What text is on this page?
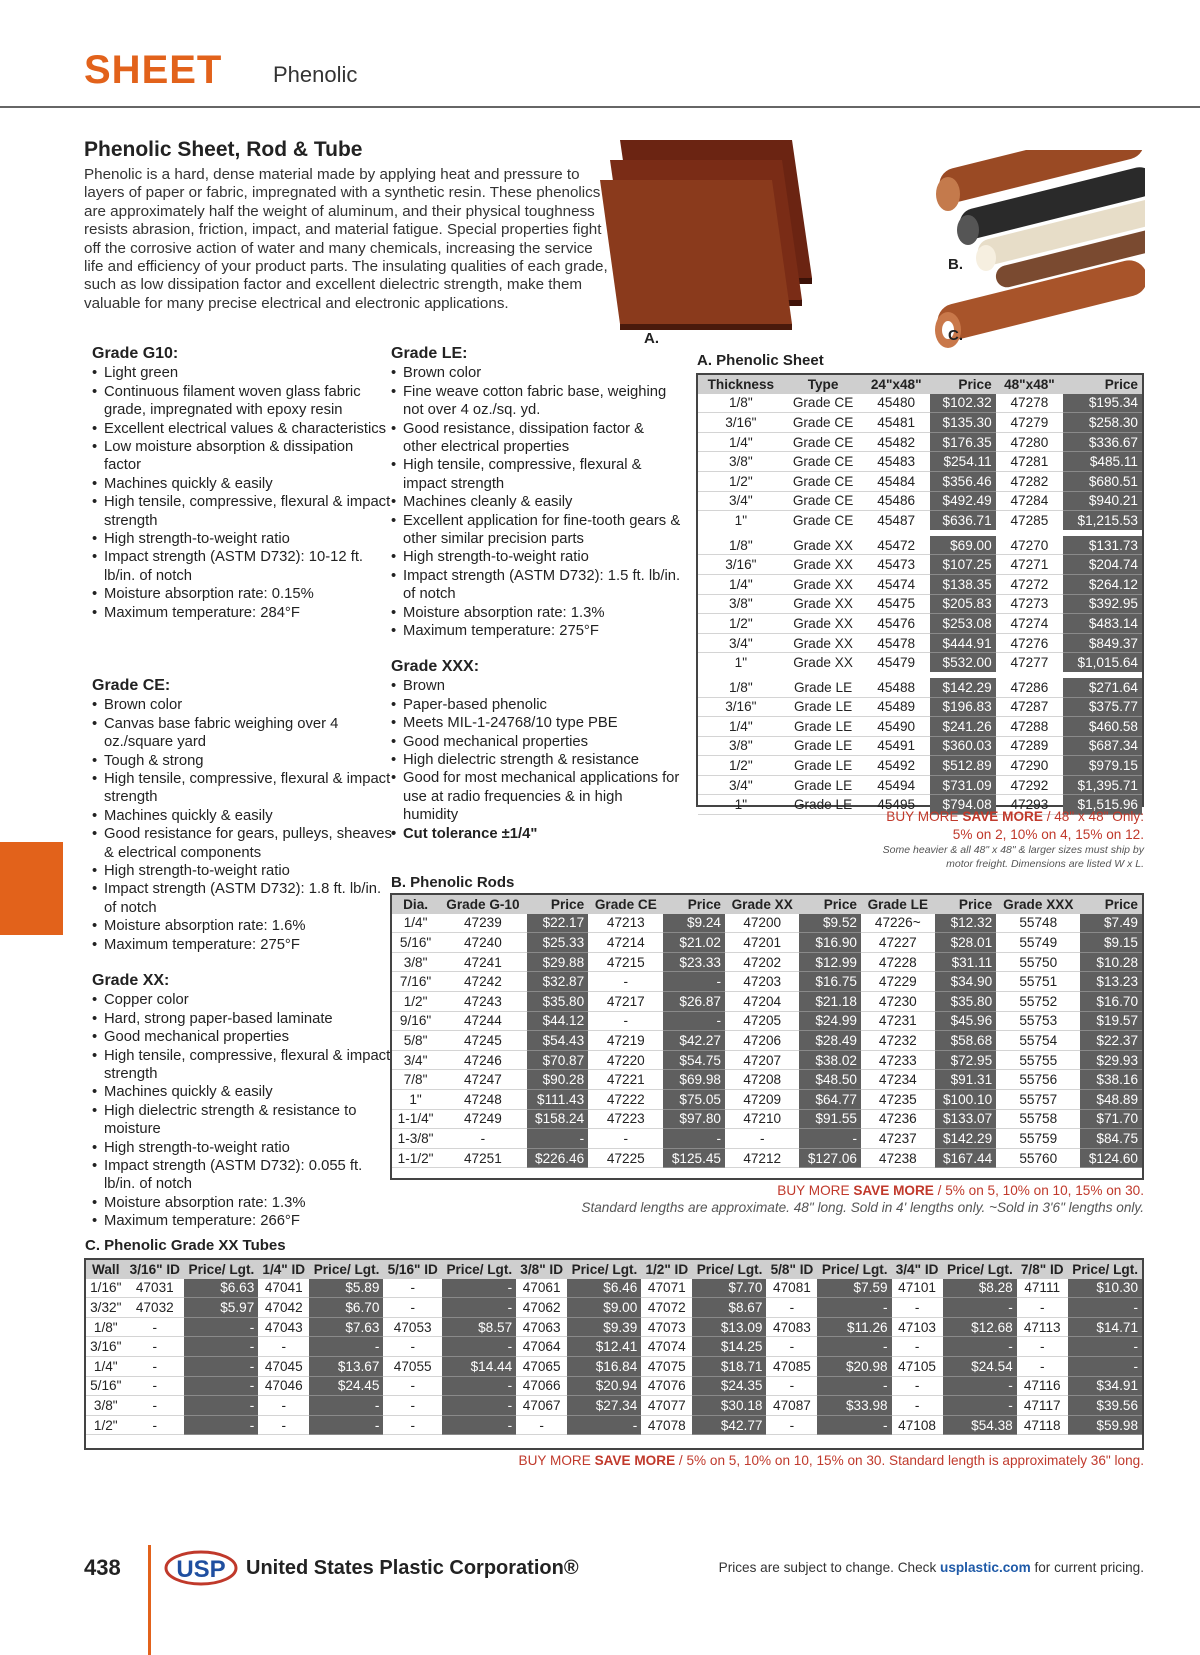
SHEET Phenolic
Phenolic Sheet, Rod & Tube
Phenolic is a hard, dense material made by applying heat and pressure to layers of paper or fabric, impregnated with a synthetic resin. These phenolics are approximately half the weight of aluminum, and their physical toughness resists abrasion, friction, impact, and material fatigue. Special properties fight off the corrosive action of water and many chemicals, increasing the service life and efficiency of your product parts. The insulating qualities of each grade, such as low dissipation factor and excellent dielectric strength, make them valuable for many precise electrical and electronic applications.
A.
B.
C.
Grade G10:
• Light green
• Continuous filament woven glass fabric grade, impregnated with epoxy resin
• Excellent electrical values & characteristics
• Low moisture absorption & dissipation factor
• Machines quickly & easily
• High tensile, compressive, flexural & impact strength
• High strength-to-weight ratio
• Impact strength (ASTM D732): 10-12 ft. lb/in. of notch
• Moisture absorption rate: 0.15%
• Maximum temperature: 284°F
Grade CE:
• Brown color
• Canvas base fabric weighing over 4 oz./square yard
• Tough & strong
• High tensile, compressive, flexural & impact strength
• Machines quickly & easily
• Good resistance for gears, pulleys, sheaves & electrical components
• High strength-to-weight ratio
• Impact strength (ASTM D732): 1.8 ft. lb/in. of notch
• Moisture absorption rate: 1.6%
• Maximum temperature: 275°F
Grade XX:
• Copper color
• Hard, strong paper-based laminate
• Good mechanical properties
• High tensile, compressive, flexural & impact strength
• Machines quickly & easily
• High dielectric strength & resistance to moisture
• High strength-to-weight ratio
• Impact strength (ASTM D732): 0.055 ft. lb/in. of notch
• Moisture absorption rate: 1.3%
• Maximum temperature: 266°F
Grade LE:
• Brown color
• Fine weave cotton fabric base, weighing not over 4 oz./sq. yd.
• Good resistance, dissipation factor & other electrical properties
• High tensile, compressive, flexural & impact strength
• Machines cleanly & easily
• Excellent application for fine-tooth gears & other similar precision parts
• High strength-to-weight ratio
• Impact strength (ASTM D732): 1.5 ft. lb/in. of notch
• Moisture absorption rate: 1.3%
• Maximum temperature: 275°F
Grade XXX:
• Brown
• Paper-based phenolic
• Meets MIL-1-24768/10 type PBE
• Good mechanical properties
• High dielectric strength & resistance
• Good for most mechanical applications for use at radio frequencies & in high humidity
• Cut tolerance ±1/4"
A. Phenolic Sheet
Thickness	Type	24"x48"	Price	48"x48"	Price
1/8"	Grade CE	45480	$102.32	47278	$195.34
3/16"	Grade CE	45481	$135.30	47279	$258.30
1/4"	Grade CE	45482	$176.35	47280	$336.67
3/8"	Grade CE	45483	$254.11	47281	$485.11
1/2"	Grade CE	45484	$356.46	47282	$680.51
3/4"	Grade CE	45486	$492.49	47284	$940.21
1"	Grade CE	45487	$636.71	47285	$1,215.53
1/8"	Grade XX	45472	$69.00	47270	$131.73
3/16"	Grade XX	45473	$107.25	47271	$204.74
1/4"	Grade XX	45474	$138.35	47272	$264.12
3/8"	Grade XX	45475	$205.83	47273	$392.95
1/2"	Grade XX	45476	$253.08	47274	$483.14
3/4"	Grade XX	45478	$444.91	47276	$849.37
1"	Grade XX	45479	$532.00	47277	$1,015.64
1/8"	Grade LE	45488	$142.29	47286	$271.64
3/16"	Grade LE	45489	$196.83	47287	$375.77
1/4"	Grade LE	45490	$241.26	47288	$460.58
3/8"	Grade LE	45491	$360.03	47289	$687.34
1/2"	Grade LE	45492	$512.89	47290	$979.15
3/4"	Grade LE	45494	$731.09	47292	$1,395.71
1"	Grade LE	45495	$794.08	47293	$1,515.96
BUY MORE SAVE MORE / 48" x 48" Only:
5% on 2, 10% on 4, 15% on 12.
Some heavier & all 48" x 48" & larger sizes must ship by motor freight. Dimensions are listed W x L.
B. Phenolic Rods
Dia.	Grade G-10	Price	Grade CE	Price	Grade XX	Price	Grade LE	Price	Grade XXX	Price
1/4"	47239	$22.17	47213	$9.24	47200	$9.52	47226~	$12.32	55748	$7.49
5/16"	47240	$25.33	47214	$21.02	47201	$16.90	47227	$28.01	55749	$9.15
3/8"	47241	$29.88	47215	$23.33	47202	$12.99	47228	$31.11	55750	$10.28
7/16"	47242	$32.87	-	-	47203	$16.75	47229	$34.90	55751	$13.23
1/2"	47243	$35.80	47217	$26.87	47204	$21.18	47230	$35.80	55752	$16.70
9/16"	47244	$44.12	-	-	47205	$24.99	47231	$45.96	55753	$19.57
5/8"	47245	$54.43	47219	$42.27	47206	$28.49	47232	$58.68	55754	$22.37
3/4"	47246	$70.87	47220	$54.75	47207	$38.02	47233	$72.95	55755	$29.93
7/8"	47247	$90.28	47221	$69.98	47208	$48.50	47234	$91.31	55756	$38.16
1"	47248	$111.43	47222	$75.05	47209	$64.77	47235	$100.10	55757	$48.89
1-1/4"	47249	$158.24	47223	$97.80	47210	$91.55	47236	$133.07	55758	$71.70
1-3/8"	-	-	-	-	-	-	47237	$142.29	55759	$84.75
1-1/2"	47251	$226.46	47225	$125.45	47212	$127.06	47238	$167.44	55760	$124.60
BUY MORE SAVE MORE / 5% on 5, 10% on 10, 15% on 30.
Standard lengths are approximate. 48" long. Sold in 4' lengths only. ~Sold in 3'6" lengths only.
C. Phenolic Grade XX Tubes
Wall	3/16" ID	Price/ Lgt.	1/4" ID	Price/ Lgt.	5/16" ID	Price/ Lgt.	3/8" ID	Price/ Lgt.	1/2" ID	Price/ Lgt.	5/8" ID	Price/ Lgt.	3/4" ID	Price/ Lgt.	7/8" ID	Price/ Lgt.
1/16"	47031	$6.63	47041	$5.89	-	-	47061	$6.46	47071	$7.70	47081	$7.59	47101	$8.28	47111	$10.30
3/32"	47032	$5.97	47042	$6.70	-	-	47062	$9.00	47072	$8.67	-	-	-	-	-	-
1/8"	-	-	47043	$7.63	47053	$8.57	47063	$9.39	47073	$13.09	47083	$11.26	47103	$12.68	47113	$14.71
3/16"	-	-	-	-	-	-	47064	$12.41	47074	$14.25	-	-	-	-	-	-
1/4"	-	-	47045	$13.67	47055	$14.44	47065	$16.84	47075	$18.71	47085	$20.98	47105	$24.54	-	-
5/16"	-	-	47046	$24.45	-	-	47066	$20.94	47076	$24.35	-	-	-	-	47116	$34.91
3/8"	-	-	-	-	-	-	47067	$27.34	47077	$30.18	47087	$33.98	-	-	47117	$39.56
1/2"	-	-	-	-	-	-	-	-	47078	$42.77	-	-	47108	$54.38	47118	$59.98
BUY MORE SAVE MORE / 5% on 5, 10% on 10, 15% on 30. Standard length is approximately 36" long.
438 USP United States Plastic Corporation®	Prices are subject to change. Check usplastic.com for current pricing.
